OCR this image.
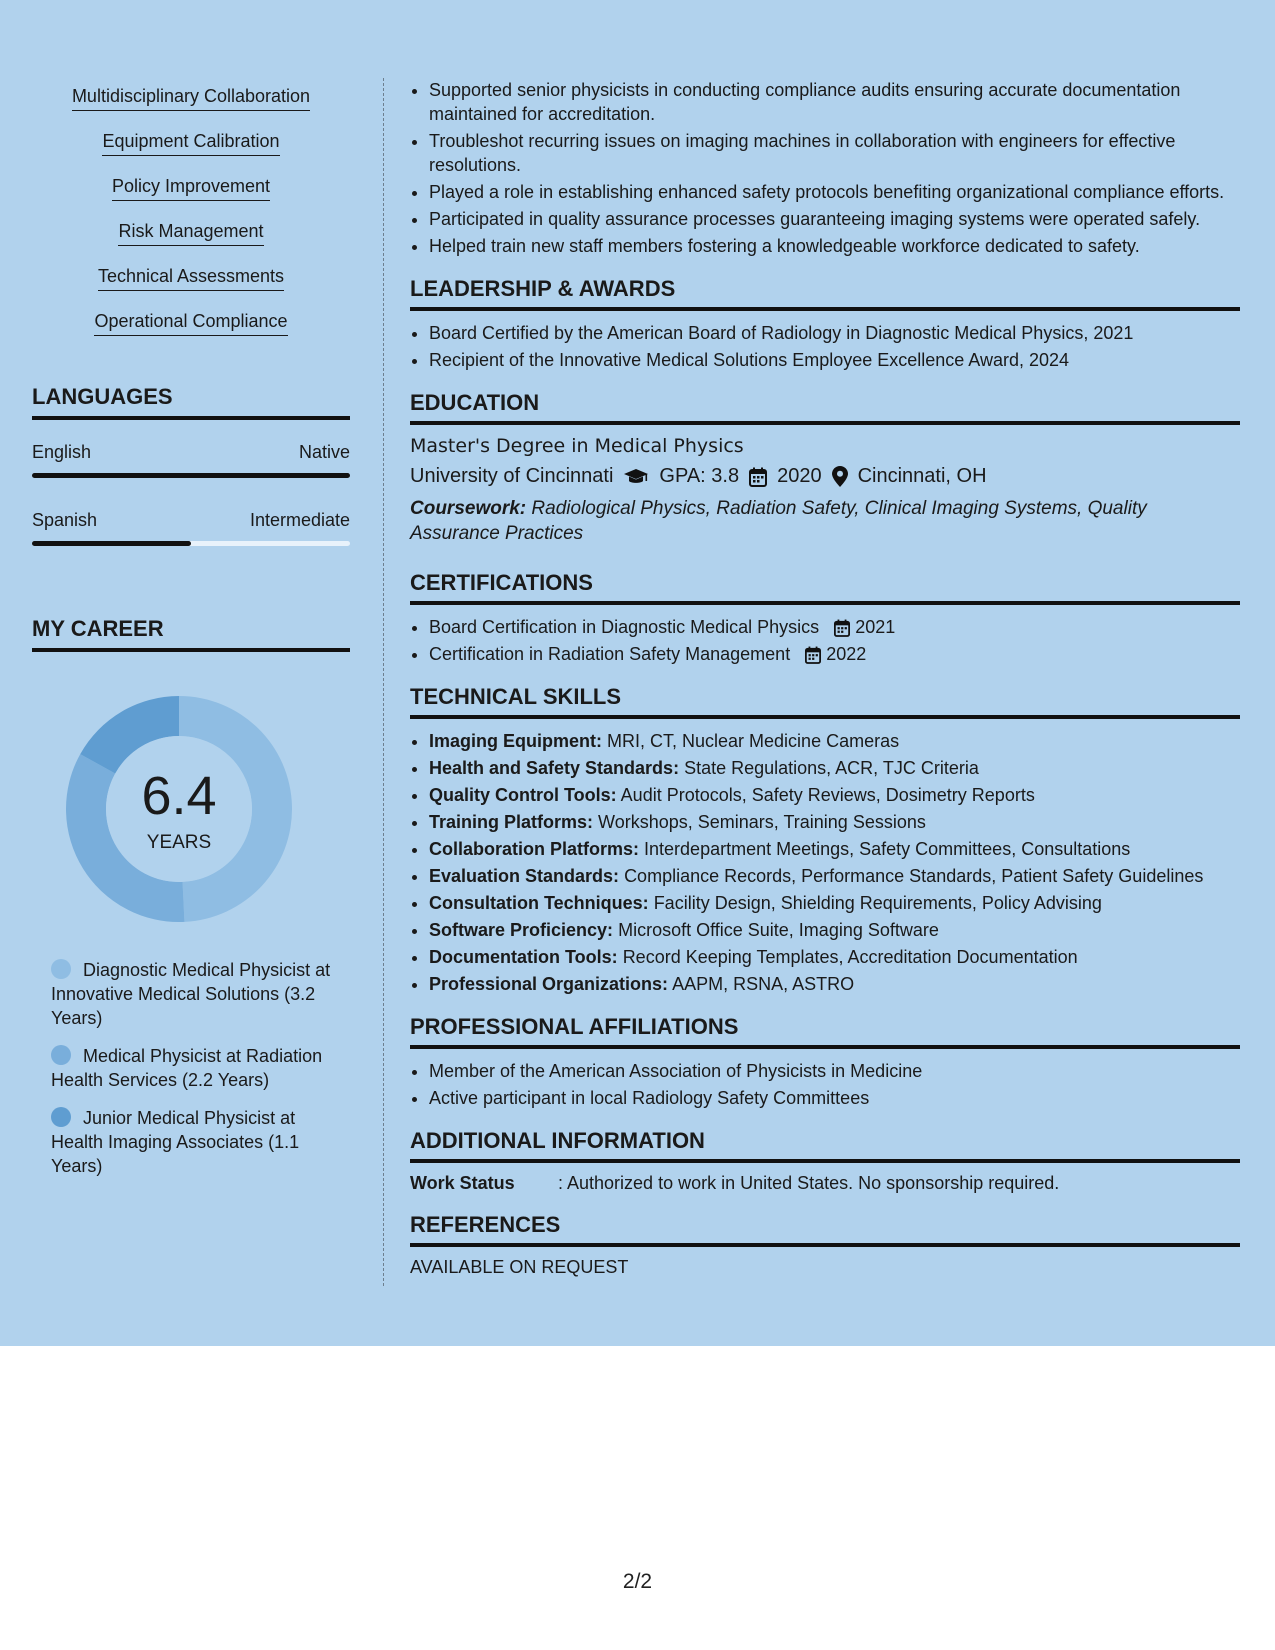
Multidisciplinary Collaboration
Equipment Calibration
Policy Improvement
Risk Management
Technical Assessments
Operational Compliance
LANGUAGES
English	Native
Spanish	Intermediate
MY CAREER
6.4
YEARS
Diagnostic Medical Physicist at Innovative Medical Solutions (3.2 Years)
Medical Physicist at Radiation Health Services (2.2 Years)
Junior Medical Physicist at Health Imaging Associates (1.1 Years)
• Supported senior physicists in conducting compliance audits ensuring accurate documentation maintained for accreditation.
• Troubleshot recurring issues on imaging machines in collaboration with engineers for effective resolutions.
• Played a role in establishing enhanced safety protocols benefiting organizational compliance efforts.
• Participated in quality assurance processes guaranteeing imaging systems were operated safely.
• Helped train new staff members fostering a knowledgeable workforce dedicated to safety.
LEADERSHIP & AWARDS
• Board Certified by the American Board of Radiology in Diagnostic Medical Physics, 2021
• Recipient of the Innovative Medical Solutions Employee Excellence Award, 2024
EDUCATION
Master's Degree in Medical Physics
University of Cincinnati GPA: 3.8 2020 Cincinnati, OH
Coursework: Radiological Physics, Radiation Safety, Clinical Imaging Systems, Quality Assurance Practices
CERTIFICATIONS
• Board Certification in Diagnostic Medical Physics 2021
• Certification in Radiation Safety Management 2022
TECHNICAL SKILLS
• Imaging Equipment: MRI, CT, Nuclear Medicine Cameras
• Health and Safety Standards: State Regulations, ACR, TJC Criteria
• Quality Control Tools: Audit Protocols, Safety Reviews, Dosimetry Reports
• Training Platforms: Workshops, Seminars, Training Sessions
• Collaboration Platforms: Interdepartment Meetings, Safety Committees, Consultations
• Evaluation Standards: Compliance Records, Performance Standards, Patient Safety Guidelines
• Consultation Techniques: Facility Design, Shielding Requirements, Policy Advising
• Software Proficiency: Microsoft Office Suite, Imaging Software
• Documentation Tools: Record Keeping Templates, Accreditation Documentation
• Professional Organizations: AAPM, RSNA, ASTRO
PROFESSIONAL AFFILIATIONS
• Member of the American Association of Physicists in Medicine
• Active participant in local Radiology Safety Committees
ADDITIONAL INFORMATION
Work Status	: Authorized to work in United States. No sponsorship required.
REFERENCES
AVAILABLE ON REQUEST
2/2
